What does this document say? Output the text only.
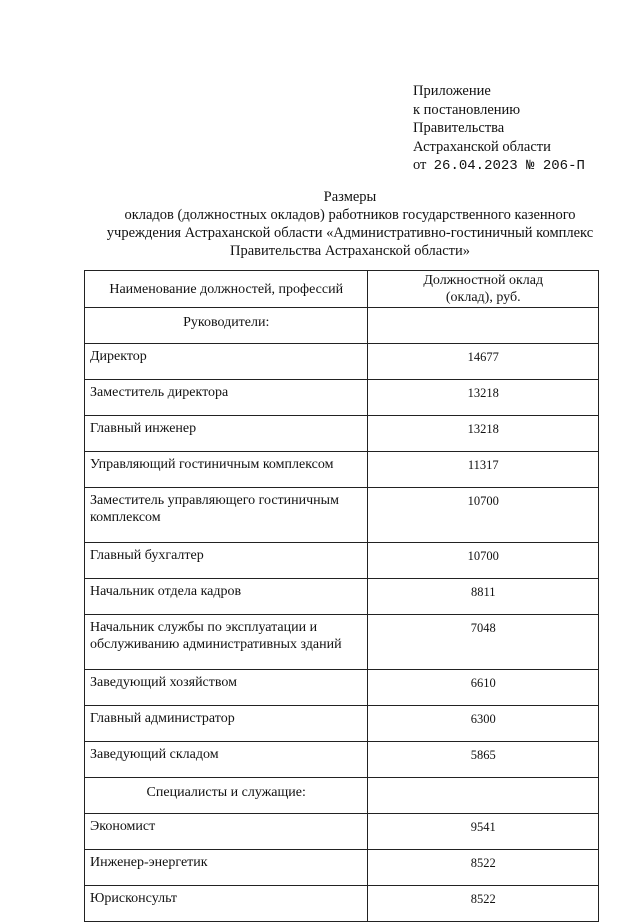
Приложение
к постановлению
Правительства
Астраханской области
от 26.04.2023 № 206-П
Размеры
окладов (должностных окладов) работников государственного казенного
учреждения Астраханской области «Административно-гостиничный комплекс
Правительства Астраханской области»
Наименование должностей, профессий	Должностной оклад
(оклад), руб.

Руководители:	
Директор	14677
Заместитель директора	13218
Главный инженер	13218
Управляющий гостиничным комплексом	11317
Заместитель управляющего гостиничным
комплексом	10700
Главный бухгалтер	10700
Начальник отдела кадров	8811
Начальник службы по эксплуатации и
обслуживанию административных зданий	7048
Заведующий хозяйством	6610
Главный администратор	6300
Заведующий складом	5865
Специалисты и служащие:	
Экономист	9541
Инженер-энергетик	8522
Юрисконсульт	8522
